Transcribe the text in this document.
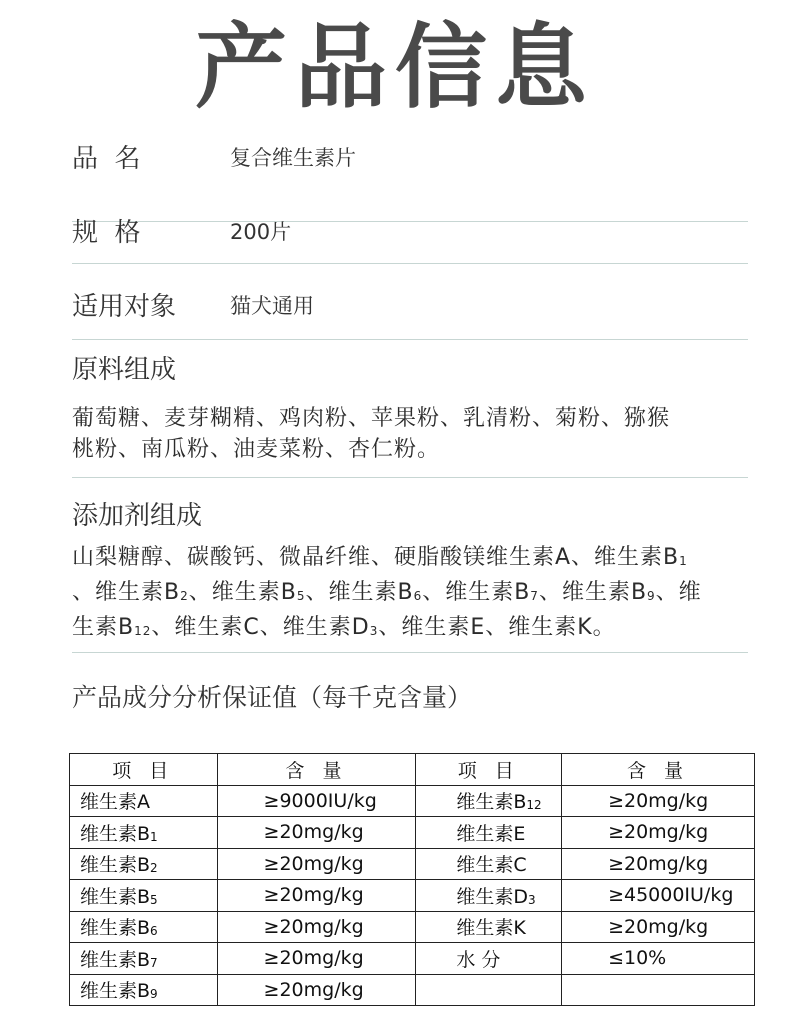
产品信息
品  名	复合维生素片
规  格	200片
适用对象	猫犬通用
原料组成
葡萄糖、麦芽糊精、鸡肉粉、苹果粉、乳清粉、菊粉、猕猴
桃粉、南瓜粉、油麦菜粉、杏仁粉。
添加剂组成
山梨糖醇、碳酸钙、微晶纤维、硬脂酸镁维生素A、维生素$B_1$
、维生素$B_2$、维生素$B_5$、维生素$B_6$、维生素$B_7$、维生素$B_9$、维
生素$B_{12}$、维生素C、维生素$D_3$、维生素E、维生素K。
产品成分分析保证值（每千克含量）
项 目	含 量	项 目	含 量
维生素A	≥9000IU/kg	维生素$B_{12}$	≥20mg/kg
维生素$B_1$	≥20mg/kg	维生素E	≥20mg/kg
维生素$B_2$	≥20mg/kg	维生素C	≥20mg/kg
维生素$B_5$	≥20mg/kg	维生素$D_3$	≥45000IU/kg
维生素$B_6$	≥20mg/kg	维生素K	≥20mg/kg
维生素$B_7$	≥20mg/kg	水 分	≤10%
维生素$B_9$	≥20mg/kg		
